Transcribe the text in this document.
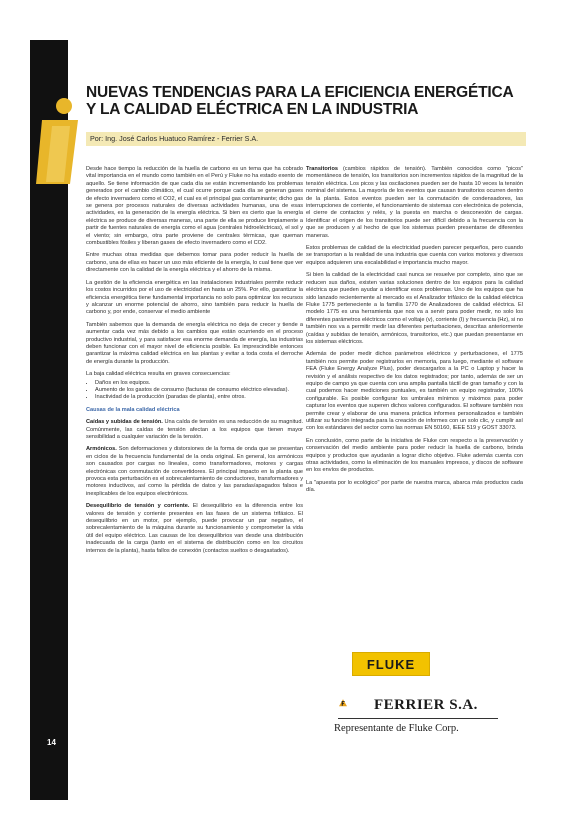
14
NUEVAS TENDENCIAS PARA LA EFICIENCIA ENERGÉTICA Y LA CALIDAD ELÉCTRICA EN LA INDUSTRIA
Por: Ing. José Carlos Huatuco Ramírez - Ferrier S.A.

Desde hace tiempo la reducción de la huella de carbono es un tema que ha cobrado vital importancia en el mundo como también en el Perú y Fluke no ha estado exento de aquello. Se tiene información de que cada día se están incrementando los problemas generados por el cambio climático, el cual ocurre porque cada día se generan gases de efecto invernadero como el CO2, el cual es el principal gas contaminante; dicho gas se genera por procesos naturales de diversas actividades humanas, una de esas actividades, es la generación de la energía eléctrica. Si bien es cierto que la energía eléctrica se produce de diversas maneras, una parte de ella se produce limpiamente a partir de fuentes naturales de energía como el agua (centrales hidroeléctricas), el sol y el viento; sin embargo, otra parte proviene de centrales térmicas, que queman combustibles fósiles y liberan gases de efecto invernadero como el CO2.

Entre muchas otras medidas que debemos tomar para poder reducir la huella de carbono, una de ellas es hacer un uso más eficiente de la energía, lo cual tiene que ver directamente con la calidad de la energía eléctrica y el ahorro de la misma.

La gestión de la eficiencia energética en las instalaciones industriales permite reducir los costos incurridos por el uso de electricidad en hasta un 25%. Por ello, garantizar la eficiencia energética tiene fundamental importancia no solo para optimizar los recursos y alcanzar un enorme potencial de ahorro, sino también para reducir la huella de carbono y, por ende, conservar el medio ambiente

También sabemos que la demanda de energía eléctrica no deja de crecer y tiende a aumentar cada vez más debido a los cambios que están ocurriendo en el proceso productivo industrial, y para satisfacer esa enorme demanda de energía, las industrias deben funcionar con el mayor nivel de eficiencia posible. Es imprescindible entonces garantizar la máxima calidad eléctrica en las plantas y evitar a toda costa el derroche de energía durante la producción.

La baja calidad eléctrica resulta en graves consecuencias:

• Daños en los equipos.
• Aumento de los gastos de consumo (facturas de consumo eléctrico elevadas).
• Inactividad de la producción (paradas de planta), entre otros.

Causas de la mala calidad eléctrica

Caídas y subidas de tensión. Una caída de tensión es una reducción de su magnitud. Comúnmente, las caídas de tensión afectan a los equipos que tienen mayor sensibilidad a cualquier variación de la tensión.

Armónicos. Son deformaciones y distorsiones de la forma de onda que se presentan en ciclos de la frecuencia fundamental de la onda original. En general, los armónicos son causados por cargas no lineales, como transformadores, motores y cargas electrónicas con conmutación de convertidores. El principal impacto en la planta que provoca esta perturbación es el sobrecalentamiento de conductores, transformadores y motores inductivos, así como la pérdida de datos y las paradas/apagados falsos e inexplicables de los equipos electrónicos.

Desequilibrio de tensión y corriente. El desequilibrio es la diferencia entre los valores de tensión y corriente presentes en las fases de un sistema trifásico. El desequilibrio en un motor, por ejemplo, puede provocar un par negativo, el sobrecalentamiento de la máquina durante su funcionamiento y comprometer la vida útil del equipo eléctrico. Las causas de los desequilibrios van desde una distribución inadecuada de la carga (tanto en el sistema de distribución como en los circuitos internos de la planta), hasta fallos de conexión (contactos sueltos o desgastados).

Transitorios (cambios rápidos de tensión). También conocidos como "picos" momentáneos de tensión, los transitorios son incrementos rápidos de la magnitud de la tensión eléctrica. Los picos y las oscilaciones pueden ser de hasta 10 veces la tensión nominal del sistema. La mayoría de los eventos que causan transitorios ocurren dentro de la planta. Estos eventos pueden ser la conmutación de condensadores, las interrupciones de corriente, el funcionamiento de sistemas con electrónica de potencia, el cierre de contactos y relés, y la puesta en marcha o desconexión de cargas. Identificar el origen de los transitorios puede ser difícil debido a la frecuencia con la que se producen y al hecho de que los sistemas pueden presentarse de diferentes maneras.

Estos problemas de calidad de la electricidad pueden parecer pequeños, pero cuando se transportan a la realidad de una industria que cuenta con varios motores y diversos equipos adquieren una escalabilidad e importancia mucho mayor.

Si bien la calidad de la electricidad casi nunca se resuelve por completo, sino que se reducen sus daños, existen varias soluciones dentro de los equipos para la calidad eléctrica que pueden ayudar a identificar esos problemas. Uno de los equipos que ha sido lanzado recientemente al mercado es el Analizador trifásico de la calidad eléctrica Fluke 1775 perteneciente a la familia 1770 de Analizadores de calidad eléctrica. El modelo 1775 es una herramienta que nos va a servir para poder medir, no solo los diferentes parámetros eléctricos como el voltaje (v), corriente (I) y frecuencia (Hz), si no también nos va a permitir medir las diferentes perturbaciones, descritas anteriormente (caídas y subidas de tensión, armónicos, transitorios, etc.) que puedan presentarse en los sistemas eléctricos.

Además de poder medir dichos parámetros eléctricos y perturbaciones, el 1775 también nos permite poder registrarlos en memoria, para luego, mediante el software FEA (Fluke Energy Analyze Plus), poder descargarlos a la PC o Laptop y hacer la revisión y el análisis respectivo de los datos registrados; por tanto, además de ser un equipo de campo ya que cuenta con una amplia pantalla táctil de gran tamaño y con la cual podemos hacer mediciones puntuales, es también un equipo registrador, 100% configurable. Es posible configurar los umbrales mínimos y máximos para poder capturar los eventos que superen dichos valores configurados. El software también nos permite crear y elaborar de una manera práctica informes personalizados e también utilizar su función integrada para la creación de informes con un solo clic, y cumplir así con los estándares del sector como las normas EN 50160, IEEE 519 y GOST 33073.

En conclusión, como parte de la iniciativa de Fluke con respecto a la preservación y conservación del medio ambiente para poder reducir la huella de carbono, brinda equipos y productos que ayudarán a lograr dicho objetivo. Fluke además cuenta con otras actividades, como la eliminación de los manuales impresos, y discos de software en los envíos de productos.

La "apuesta por lo ecológico" por parte de nuestra marca, abarca más productos cada día.

FLUKE
FERRIER S.A.
Representante de Fluke Corp.
